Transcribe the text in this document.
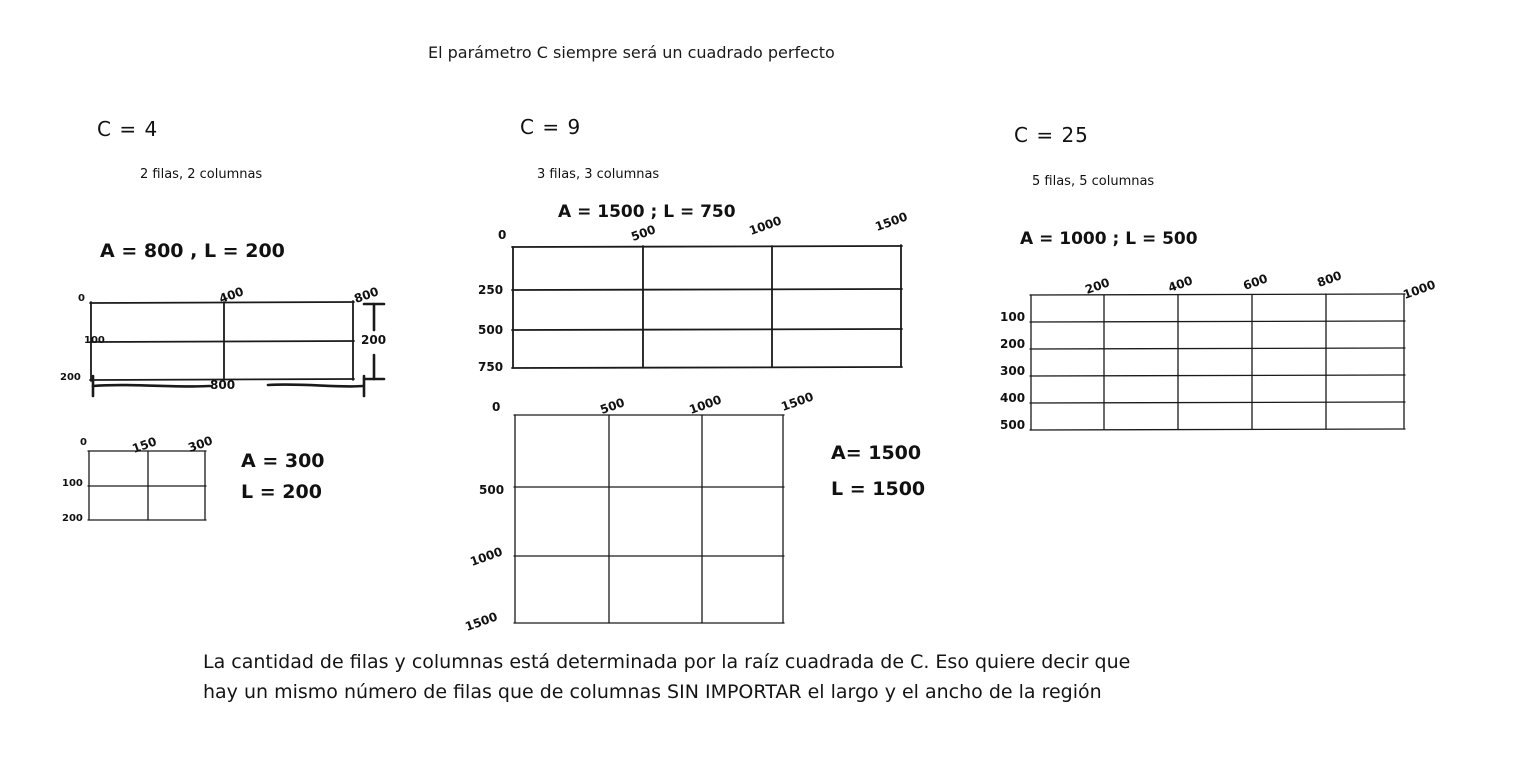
El parámetro C siempre será un cuadrado perfecto
C = 4
2 filas, 2 columnas
A = 800 , L = 200
0	400	800
100
200
800
200
0	150 300
100
200
A = 300
L = 200
C = 9
3 filas, 3 columnas
A = 1500 ; L = 750
0	500	1000	1500
250
500
750
0	500	1000	1500
500
1000
1500
A= 1500
L = 1500
C = 25
5 filas, 5 columnas
A = 1000 ; L = 500
200	400	600	800	1000
100
200
300
400
500
La cantidad de filas y columnas está determinada por la raíz cuadrada de C. Eso quiere decir que
hay un mismo número de filas que de columnas SIN IMPORTAR el largo y el ancho de la región
